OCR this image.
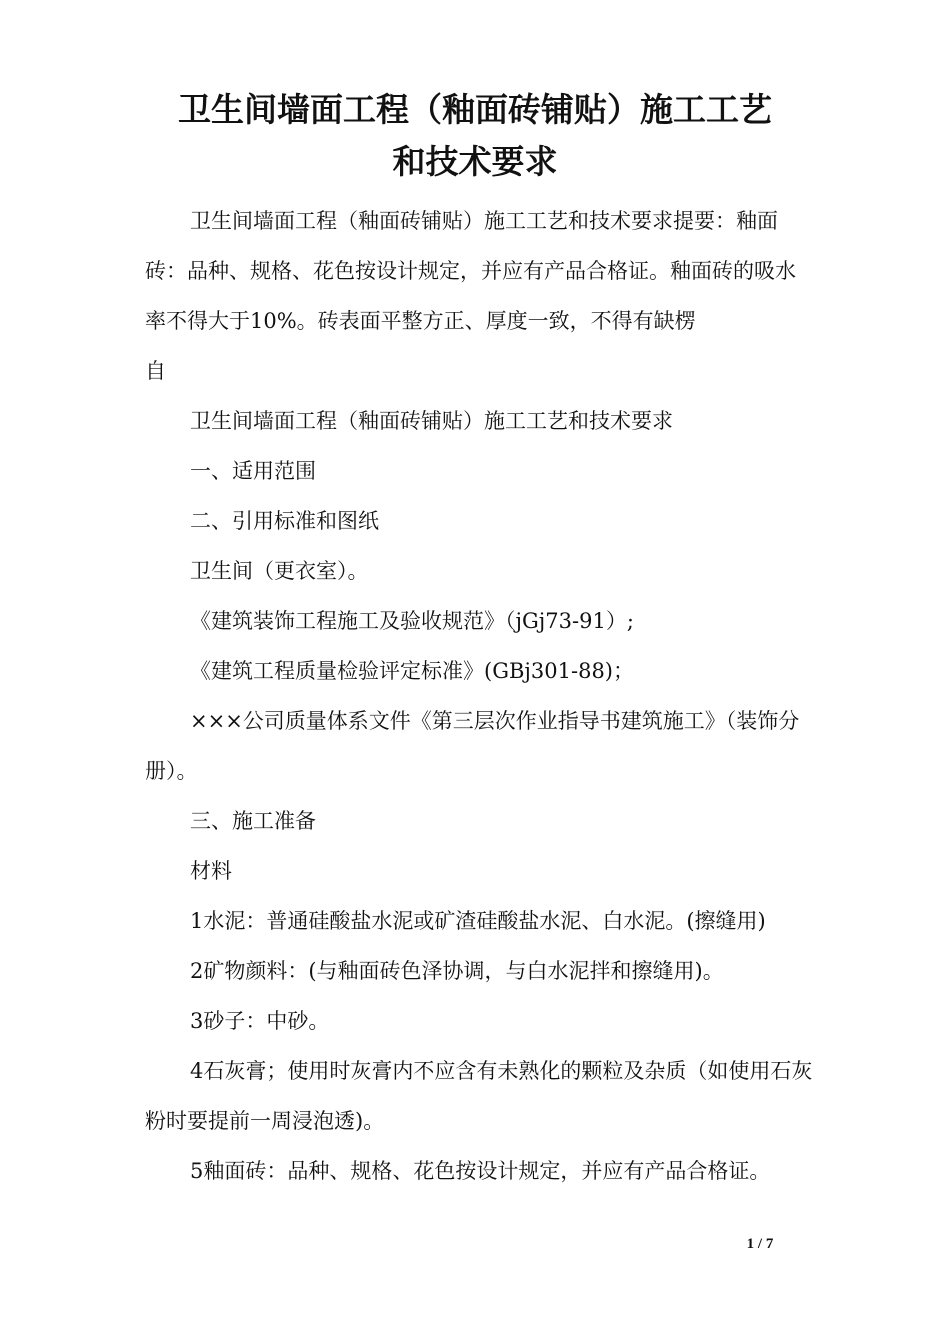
卫生间墙面工程（釉面砖铺贴）施工工艺
和技术要求

卫生间墙面工程（釉面砖铺贴）施工工艺和技术要求提要：釉面砖：品种、规格、花色按设计规定，并应有产品合格证。釉面砖的吸水率不得大于10%。砖表面平整方正、厚度一致，不得有缺楞

自

卫生间墙面工程（釉面砖铺贴）施工工艺和技术要求

一、适用范围

二、引用标准和图纸

卫生间（更衣室）。

《建筑装饰工程施工及验收规范》（jGj73-91）;

《建筑工程质量检验评定标准》(GBj301-88)；

×××公司质量体系文件《第三层次作业指导书建筑施工》（装饰分册）。

三、施工准备

材料

1水泥：普通硅酸盐水泥或矿渣硅酸盐水泥、白水泥。(擦缝用)

2矿物颜料：(与釉面砖色泽协调，与白水泥拌和擦缝用)。

3砂子：中砂。

4石灰膏；使用时灰膏内不应含有未熟化的颗粒及杂质（如使用石灰粉时要提前一周浸泡透)。

5釉面砖：品种、规格、花色按设计规定，并应有产品合格证。

1 / 7
